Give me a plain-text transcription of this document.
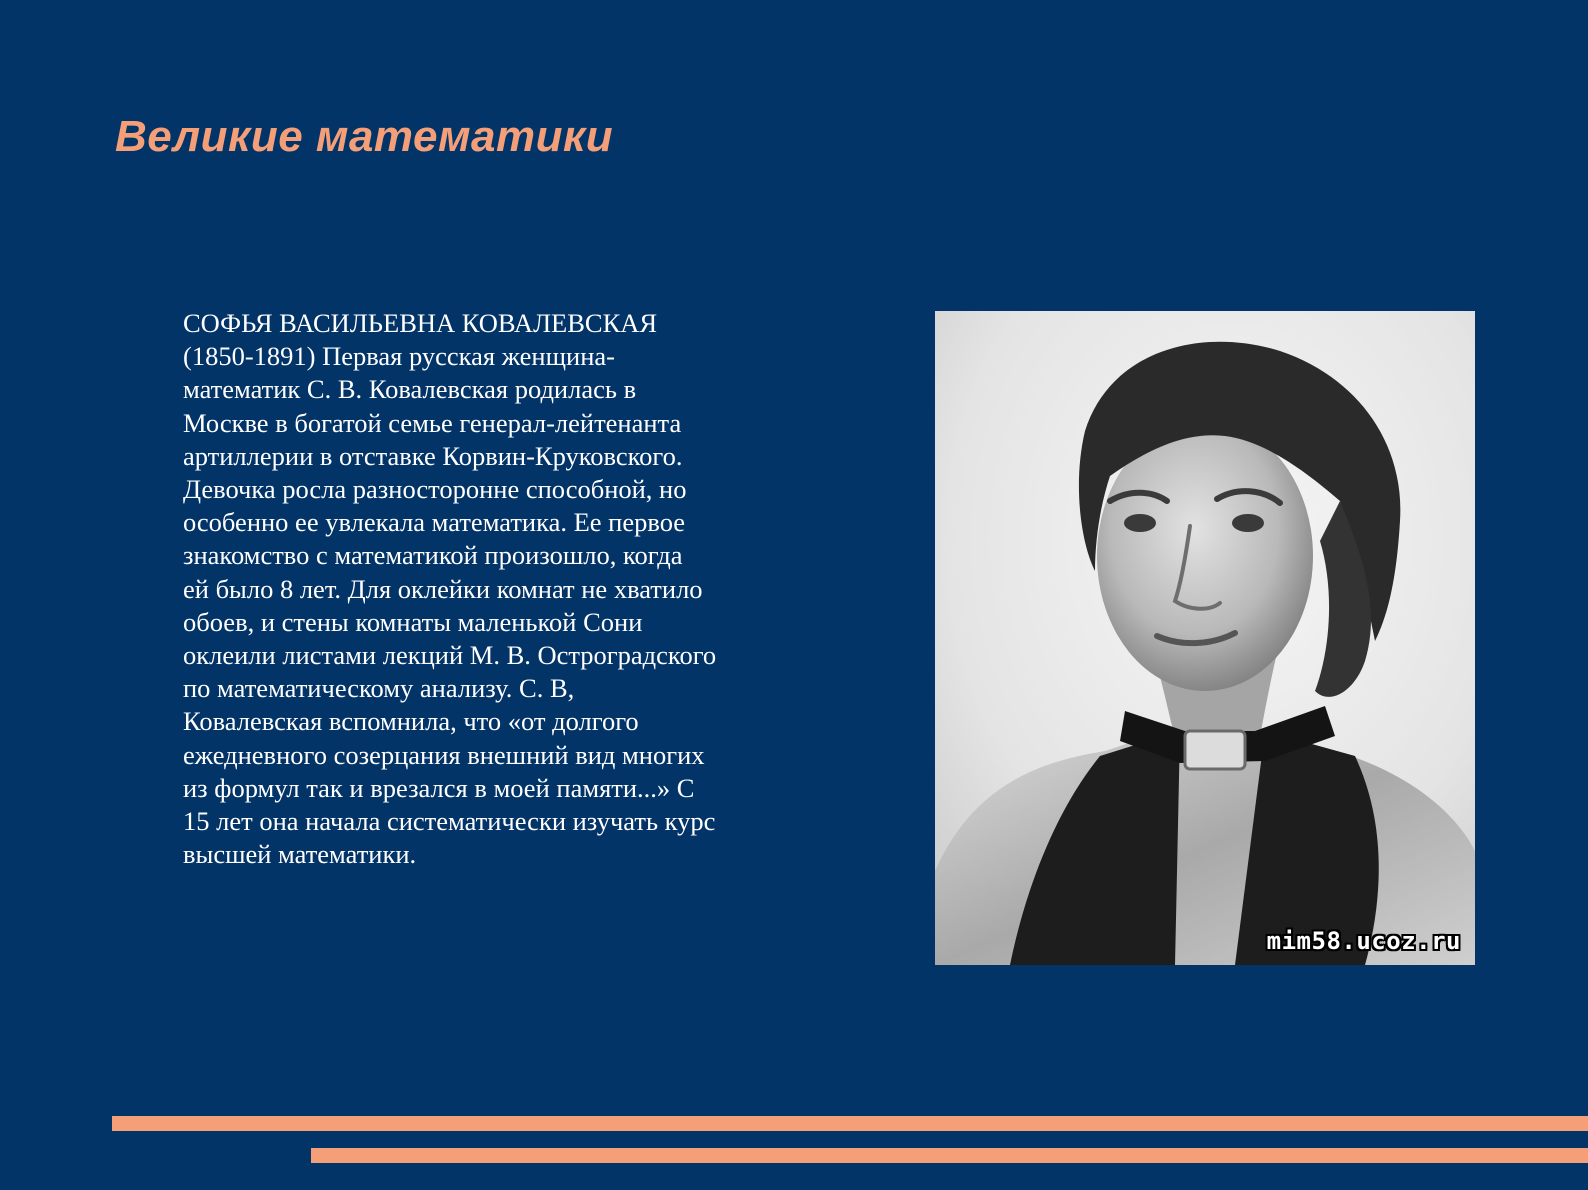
Великие математики
СОФЬЯ ВАСИЛЬЕВНА КОВАЛЕВСКАЯ
(1850-1891) Первая русская женщина-
математик С. В. Ковалевская родилась в
Москве в богатой семье генерал-лейтенанта
артиллерии в отставке Корвин-Круковского.
Девочка росла разносторонне способной, но
особенно ее увлекала математика. Ее первое
знакомство с математикой произошло, когда
ей было 8 лет. Для оклейки комнат не хватило
обоев, и стены комнаты маленькой Сони
оклеили листами лекций М. В. Остроградского
по математическому анализу. С. В,
Ковалевская вспомнила, что «от долгого
ежедневного созерцания внешний вид многих
из формул так и врезался в моей памяти...» С
15 лет она начала систематически изучать курс
высшей математики.
mim58.ucoz.ru
